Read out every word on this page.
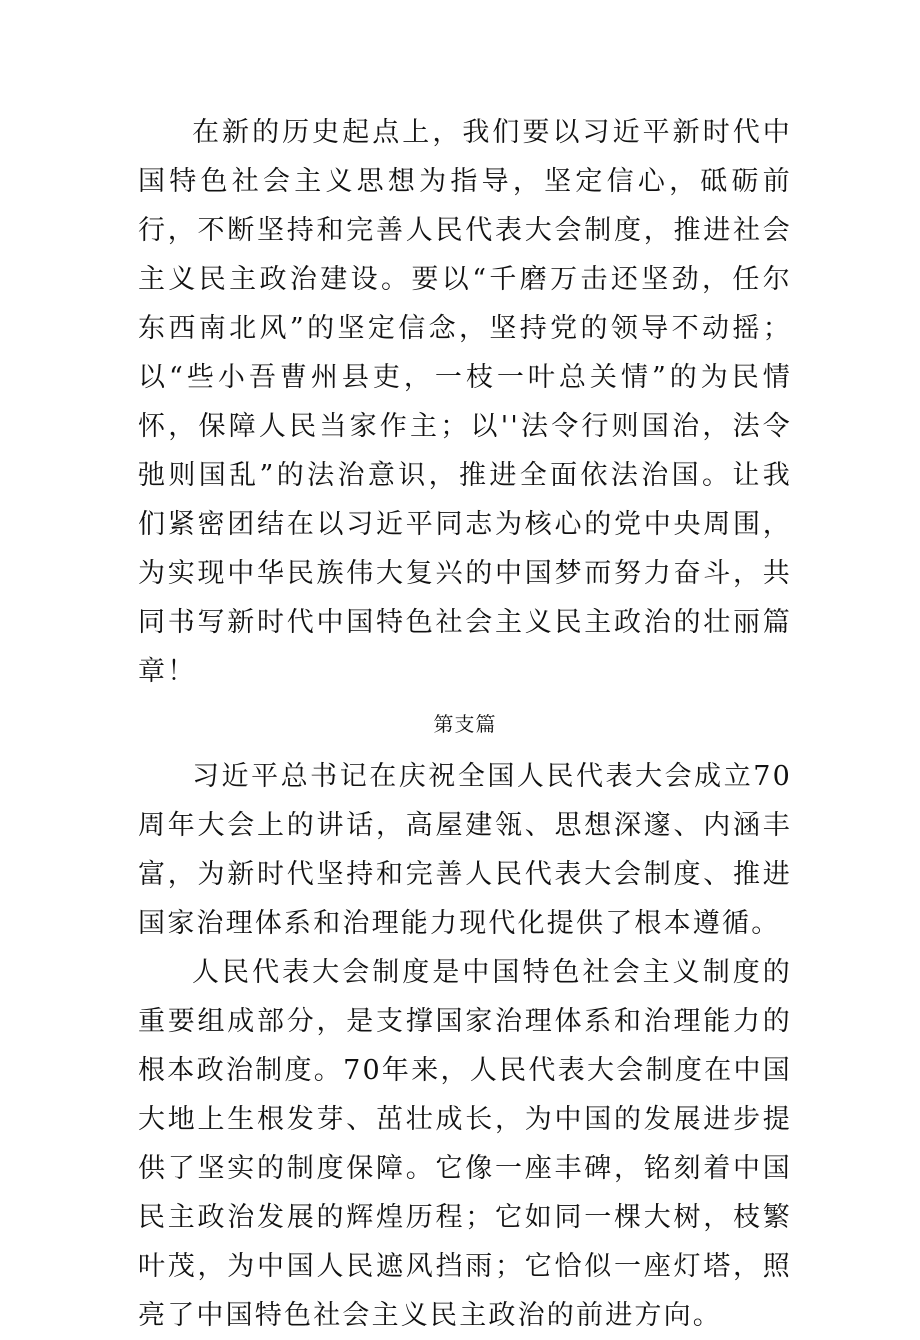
在新的历史起点上，我们要以习近平新时代中国特色社会主义思想为指导，坚定信心，砥砺前行，不断坚持和完善人民代表大会制度，推进社会主义民主政治建设。要以“千磨万击还坚劲，任尔东西南北风”的坚定信念，坚持党的领导不动摇；以“些小吾曹州县吏，一枝一叶总关情”的为民情怀，保障人民当家作主；以''法令行则国治，法令弛则国乱”的法治意识，推进全面依法治国。让我们紧密团结在以习近平同志为核心的党中央周围，为实现中华民族伟大复兴的中国梦而努力奋斗，共同书写新时代中国特色社会主义民主政治的壮丽篇章！

第支篇

习近平总书记在庆祝全国人民代表大会成立70周年大会上的讲话，高屋建瓴、思想深邃、内涵丰富，为新时代坚持和完善人民代表大会制度、推进国家治理体系和治理能力现代化提供了根本遵循。

人民代表大会制度是中国特色社会主义制度的重要组成部分，是支撑国家治理体系和治理能力的根本政治制度。70年来，人民代表大会制度在中国大地上生根发芽、茁壮成长，为中国的发展进步提供了坚实的制度保障。它像一座丰碑，铭刻着中国民主政治发展的辉煌历程；它如同一棵大树，枝繁叶茂，为中国人民遮风挡雨；它恰似一座灯塔，照亮了中国特色社会主义民主政治的前进方向。
